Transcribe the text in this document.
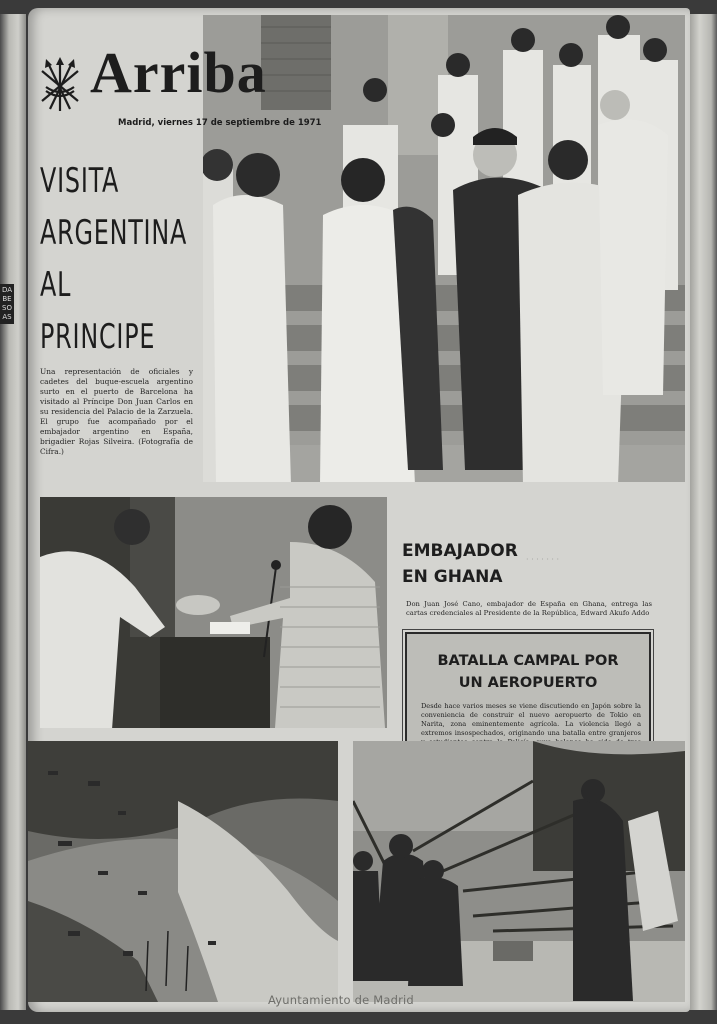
DA
BE
SO
AS
Arriba
Madrid, viernes 17 de septiembre de 1971
VISITA
ARGENTINA
AL
PRINCIPE
Una representación de oficiales y cadetes del buque-escuela argentino surto en el puerto de Barcelona ha visitado al Príncipe Don Juan Carlos en su residencia del Palacio de la Zarzuela. El grupo fue acompañado por el embajador argentino en España, brigadier Rojas Silveira. (Fotografía de Cifra.)
· · · · · · ·
EMBAJADOR
EN GHANA
Don Juan José Cano, embajador de España en Ghana, entrega las cartas credenciales al Presidente de la República, Edward Akufo Addo
BATALLA CAMPAL POR
UN AEROPUERTO
Desde hace varios meses se viene discutiendo en Japón sobre la conveniencia de construir el nuevo aeropuerto de Tokio en Narita, zona eminentemente agrícola. La violencia llegó a extremos insospechados, originando una batalla entre granjeros
Ayuntamiento de Madrid
